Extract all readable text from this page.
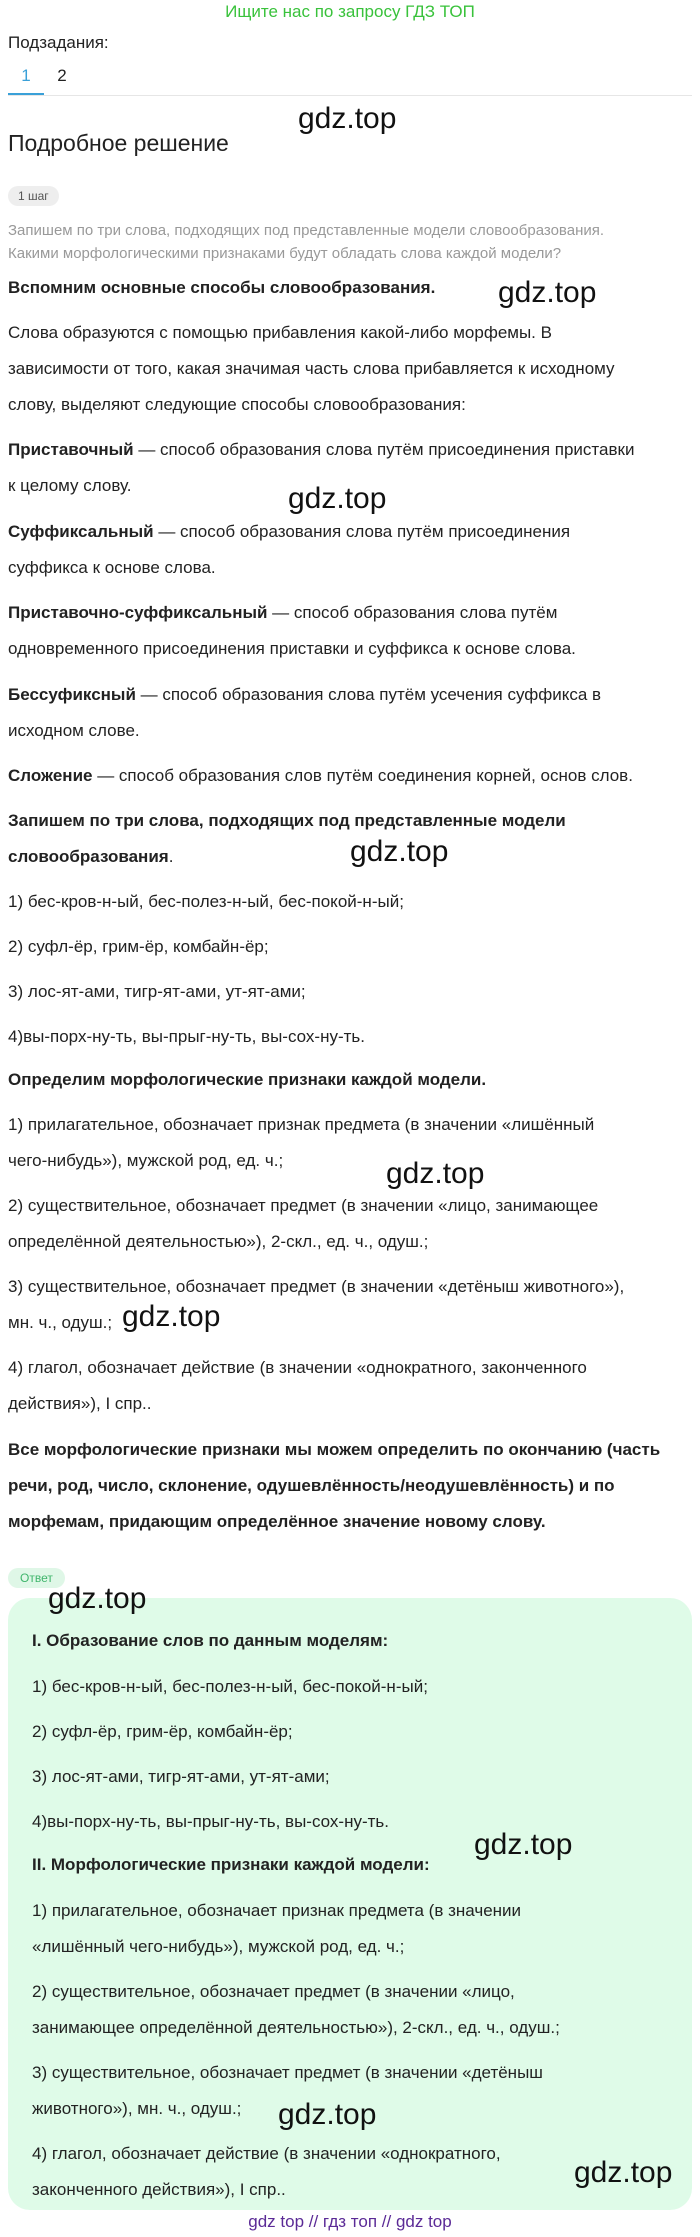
Ищите нас по запросу ГДЗ ТОП
Подзадания:
1	2
Подробное решение
1 шаг
Запишем по три слова, подходящих под представленные модели словообразования.
Какими морфологическими признаками будут обладать слова каждой модели?
Вспомним основные способы словообразования.
Слова образуются с помощью прибавления какой-либо морфемы. В
зависимости от того, какая значимая часть слова прибавляется к исходному
слову, выделяют следующие способы словообразования:
Приставочный — способ образования слова путём присоединения приставки
к целому слову.
Суффиксальный — способ образования слова путём присоединения
суффикса к основе слова.
Приставочно-суффиксальный — способ образования слова путём
одновременного присоединения приставки и суффикса к основе слова.
Бессуфиксный — способ образования слова путём усечения суффикса в
исходном слове.
Сложение — способ образования слов путём соединения корней, основ слов.
Запишем по три слова, подходящих под представленные модели
словообразования.
1) бес-кров-н-ый, бес-полез-н-ый, бес-покой-н-ый;
2) суфл-ёр, грим-ёр, комбайн-ёр;
3) лос-ят-ами, тигр-ят-ами, ут-ят-ами;
4)вы-порх-ну-ть, вы-прыг-ну-ть, вы-сох-ну-ть.
Определим морфологические признаки каждой модели.
1) прилагательное, обозначает признак предмета (в значении «лишённый
чего-нибудь»), мужской род, ед. ч.;
2) существительное, обозначает предмет (в значении «лицо, занимающее
определённой деятельностью»), 2-скл., ед. ч., одуш.;
3) существительное, обозначает предмет (в значении «детёныш животного»),
мн. ч., одуш.;
4) глагол, обозначает действие (в значении «однократного, законченного
действия»), I спр..
Все морфологические признаки мы можем определить по окончанию (часть
речи, род, число, склонение, одушевлённость/неодушевлённость) и по
морфемам, придающим определённое значение новому слову.
Ответ
I. Образование слов по данным моделям:
1) бес-кров-н-ый, бес-полез-н-ый, бес-покой-н-ый;
2) суфл-ёр, грим-ёр, комбайн-ёр;
3) лос-ят-ами, тигр-ят-ами, ут-ят-ами;
4)вы-порх-ну-ть, вы-прыг-ну-ть, вы-сох-ну-ть.
II. Морфологические признаки каждой модели:
1) прилагательное, обозначает признак предмета (в значении
«лишённый чего-нибудь»), мужской род, ед. ч.;
2) существительное, обозначает предмет (в значении «лицо,
занимающее определённой деятельностью»), 2-скл., ед. ч., одуш.;
3) существительное, обозначает предмет (в значении «детёныш
животного»), мн. ч., одуш.;
4) глагол, обозначает действие (в значении «однократного,
законченного действия»), I спр..
gdz.top
gdz.top
gdz.top
gdz.top
gdz.top
gdz.top
gdz.top
gdz.top
gdz.top
gdz.top
gdz top // гдз топ // gdz top
